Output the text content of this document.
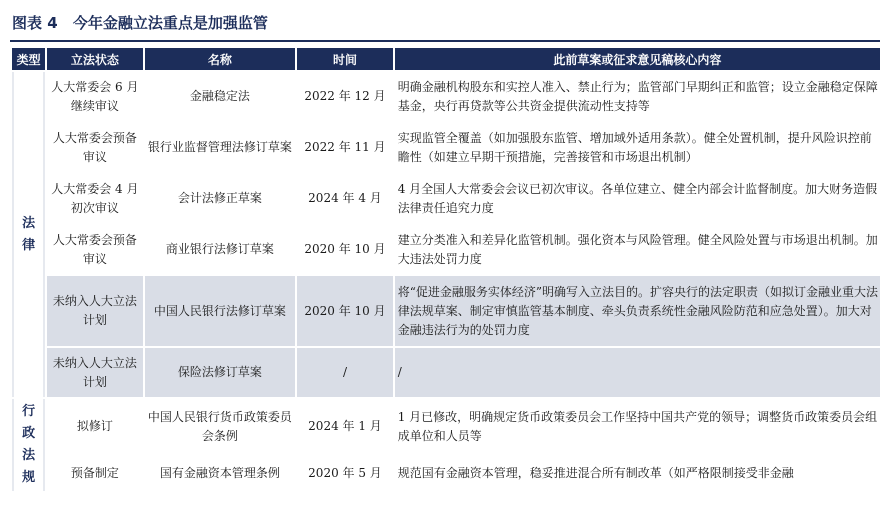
图表 4 今年金融立法重点是加强监管
类型	立法状态	名称	时间	此前草案或征求意见稿核心内容
法律	人大常委会 6 月继续审议	金融稳定法	2022 年 12 月	明确金融机构股东和实控人准入、禁止行为；监管部门早期纠正和监管；设立金融稳定保障基金，央行再贷款等公共资金提供流动性支持等
	人大常委会预备审议	银行业监督管理法修订草案	2022 年 11 月	实现监管全覆盖（如加强股东监管、增加域外适用条款）。健全处置机制，提升风险识控前瞻性（如建立早期干预措施，完善接管和市场退出机制）
	人大常委会 4 月初次审议	会计法修正草案	2024 年 4 月	4 月全国人大常委会会议已初次审议。各单位建立、健全内部会计监督制度。加大财务造假法律责任追究力度
	人大常委会预备审议	商业银行法修订草案	2020 年 10 月	建立分类准入和差异化监管机制。强化资本与风险管理。健全风险处置与市场退出机制。加大违法处罚力度
	未纳入人大立法计划	中国人民银行法修订草案	2020 年 10 月	将“促进金融服务实体经济”明确写入立法目的。扩容央行的法定职责（如拟订金融业重大法律法规草案、制定审慎监管基本制度、牵头负责系统性金融风险防范和应急处置）。加大对金融违法行为的处罚力度
	未纳入人大立法计划	保险法修订草案	/	/
行政法规	拟修订	中国人民银行货币政策委员会条例	2024 年 1 月	1 月已修改，明确规定货币政策委员会工作坚持中国共产党的领导；调整货币政策委员会组成单位和人员等
	预备制定	国有金融资本管理条例	2020 年 5 月	规范国有金融资本管理，稳妥推进混合所有制改革（如严格限制接受非金融
